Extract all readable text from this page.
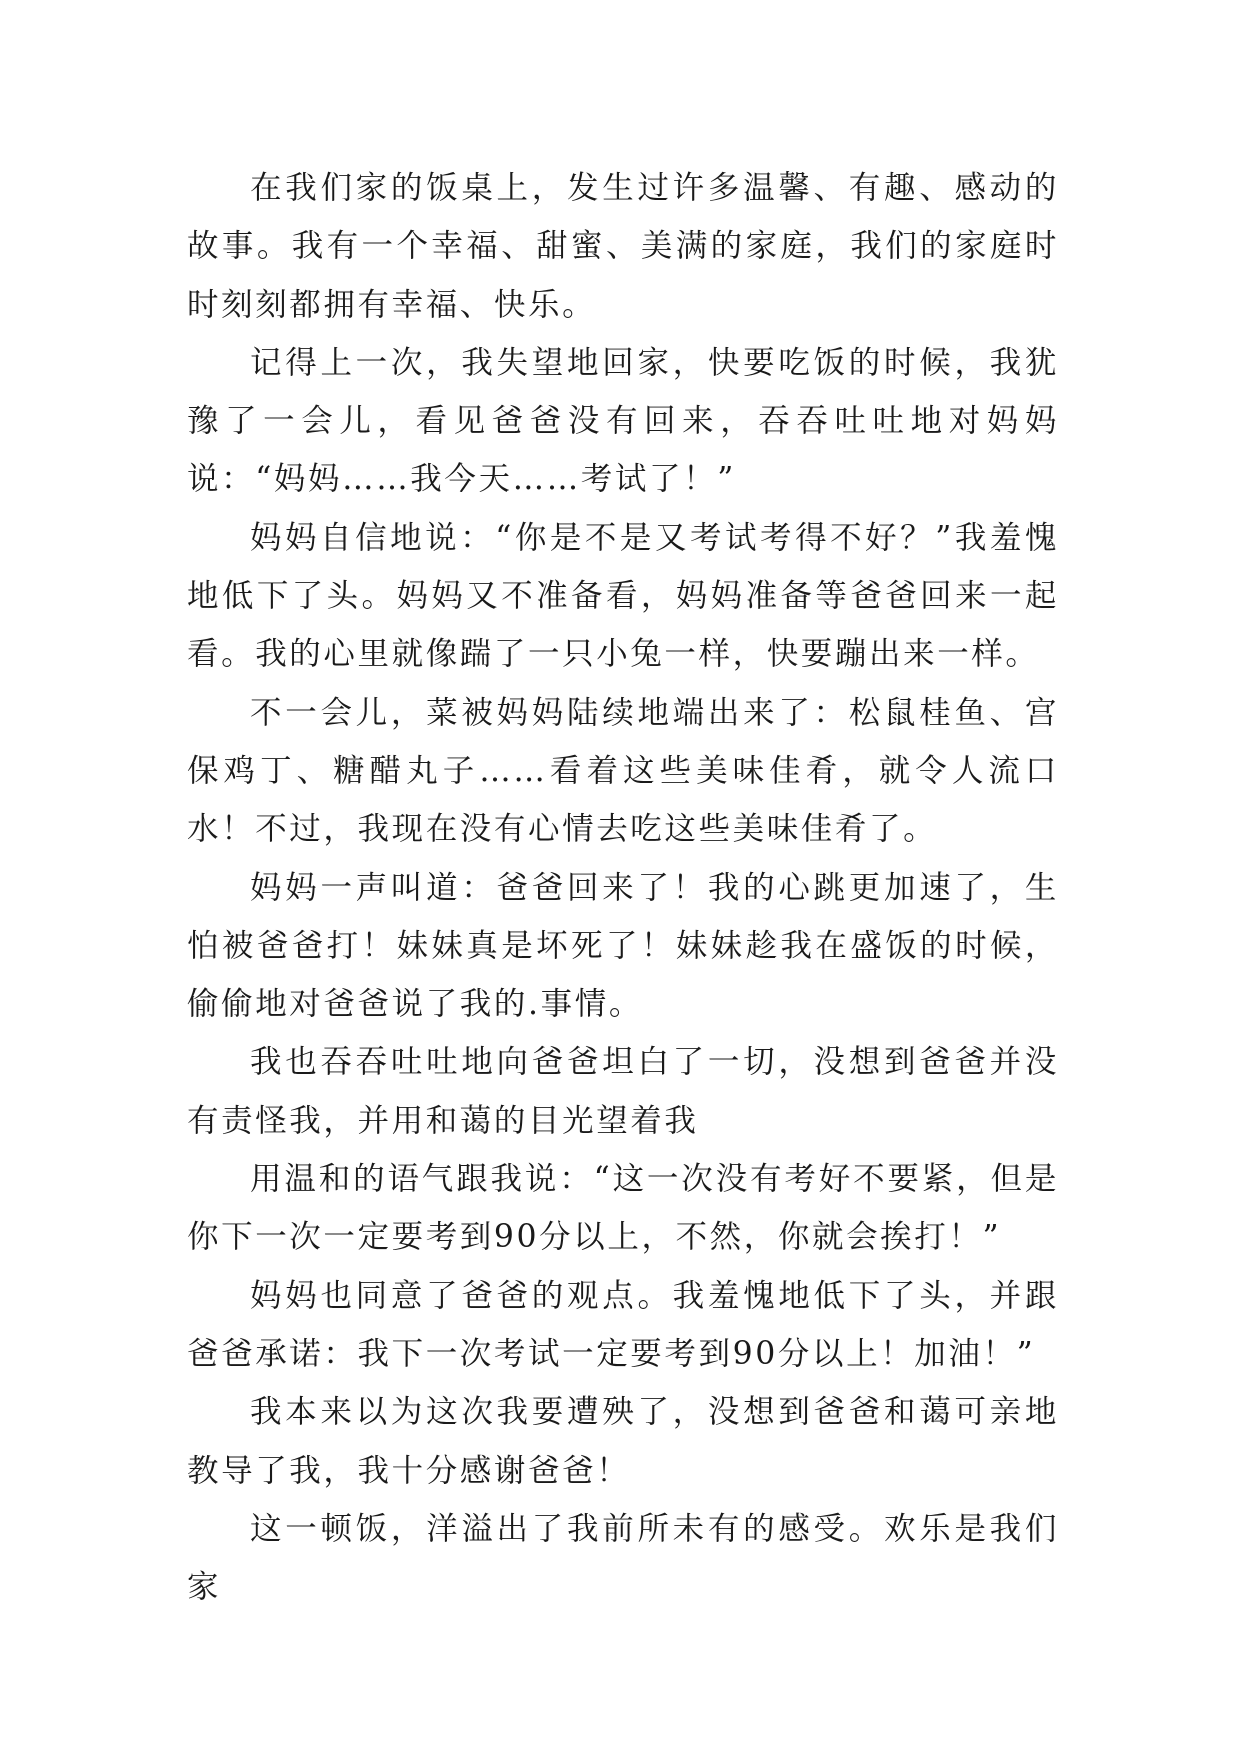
在我们家的饭桌上，发生过许多温馨、有趣、感动的故事。我有一个幸福、甜蜜、美满的家庭，我们的家庭时时刻刻都拥有幸福、快乐。

记得上一次，我失望地回家，快要吃饭的时候，我犹豫了一会儿，看见爸爸没有回来，吞吞吐吐地对妈妈说：“妈妈……我今天……考试了！”

妈妈自信地说：“你是不是又考试考得不好？”我羞愧地低下了头。妈妈又不准备看，妈妈准备等爸爸回来一起看。我的心里就像踹了一只小兔一样，快要蹦出来一样。

不一会儿，菜被妈妈陆续地端出来了：松鼠桂鱼、宫保鸡丁、糖醋丸子……看着这些美味佳肴，就令人流口水！不过，我现在没有心情去吃这些美味佳肴了。

妈妈一声叫道：爸爸回来了！我的心跳更加速了，生怕被爸爸打！妹妹真是坏死了！妹妹趁我在盛饭的时候，偷偷地对爸爸说了我的.事情。

我也吞吞吐吐地向爸爸坦白了一切，没想到爸爸并没有责怪我，并用和蔼的目光望着我

用温和的语气跟我说：“这一次没有考好不要紧，但是你下一次一定要考到90分以上，不然，你就会挨打！”

妈妈也同意了爸爸的观点。我羞愧地低下了头，并跟爸爸承诺：我下一次考试一定要考到90分以上！加油！”

我本来以为这次我要遭殃了，没想到爸爸和蔼可亲地教导了我，我十分感谢爸爸！

这一顿饭，洋溢出了我前所未有的感受。欢乐是我们家
